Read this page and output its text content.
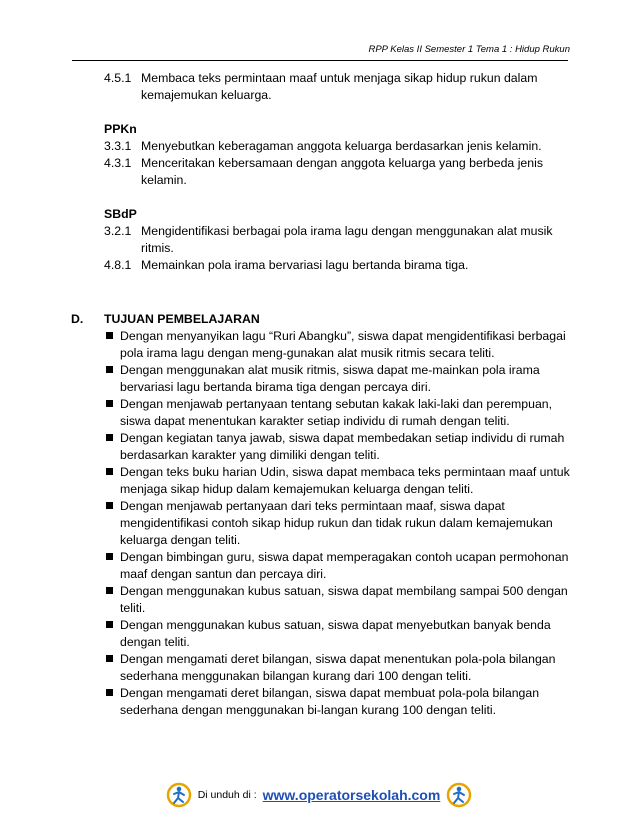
RPP Kelas II Semester 1 Tema 1 : Hidup Rukun
4.5.1 Membaca teks permintaan maaf untuk menjaga sikap hidup rukun dalam kemajemukan keluarga.
PPKn
3.3.1 Menyebutkan keberagaman anggota keluarga berdasarkan jenis kelamin.
4.3.1 Menceritakan kebersamaan dengan anggota keluarga yang berbeda jenis kelamin.
SBdP
3.2.1 Mengidentifikasi berbagai pola irama lagu dengan menggunakan alat musik ritmis.
4.8.1 Memainkan pola irama bervariasi lagu bertanda birama tiga.
D.	TUJUAN PEMBELAJARAN
Dengan menyanyikan lagu “Ruri Abangku”, siswa dapat mengidentifikasi berbagai pola irama lagu dengan meng-gunakan alat musik ritmis secara teliti.
Dengan menggunakan alat musik ritmis, siswa dapat me-mainkan pola irama bervariasi lagu bertanda birama tiga dengan percaya diri.
Dengan menjawab pertanyaan tentang sebutan kakak laki-laki dan perempuan, siswa dapat menentukan karakter setiap individu di rumah dengan teliti.
Dengan kegiatan tanya jawab, siswa dapat membedakan setiap individu di rumah berdasarkan karakter yang dimiliki dengan teliti.
Dengan teks buku harian Udin, siswa dapat membaca teks permintaan maaf untuk menjaga sikap hidup dalam kemajemukan keluarga dengan teliti.
Dengan menjawab pertanyaan dari teks permintaan maaf, siswa dapat mengidentifikasi contoh sikap hidup rukun dan tidak rukun dalam kemajemukan keluarga dengan teliti.
Dengan bimbingan guru, siswa dapat memperagakan contoh ucapan permohonan maaf dengan santun dan percaya diri.
Dengan menggunakan kubus satuan, siswa dapat membilang sampai 500 dengan teliti.
Dengan menggunakan kubus satuan, siswa dapat menyebutkan banyak benda dengan teliti.
Dengan mengamati deret bilangan, siswa dapat menentukan pola-pola bilangan sederhana menggunakan bilangan kurang dari 100 dengan teliti.
Dengan mengamati deret bilangan, siswa dapat membuat pola-pola bilangan sederhana dengan menggunakan bi-langan kurang 100 dengan teliti.
Di unduh di : www.operatorsekolah.com
